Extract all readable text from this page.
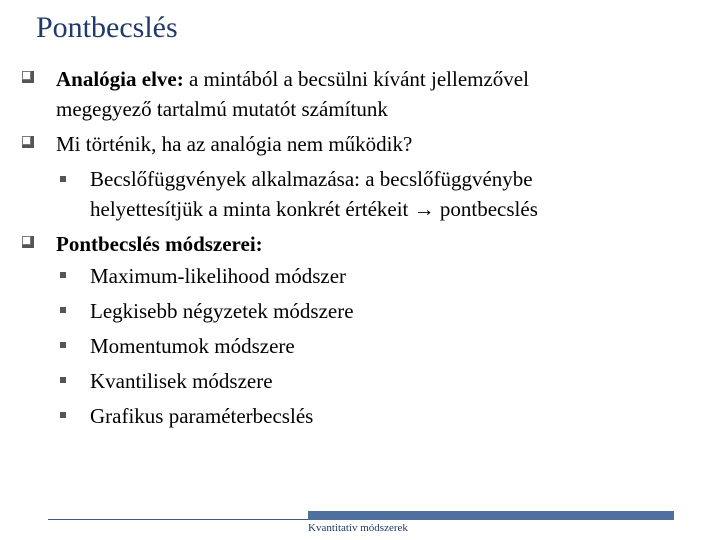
Pontbecslés
Analógia elve: a mintából a becsülni kívánt jellemzővel
megegyező tartalmú mutatót számítunk
Mi történik, ha az analógia nem működik?
Becslőfüggvények alkalmazása: a becslőfüggvénybe
helyettesítjük a minta konkrét értékeit → pontbecslés
Pontbecslés módszerei:
Maximum-likelihood módszer
Legkisebb négyzetek módszere
Momentumok módszere
Kvantilisek módszere
Grafikus paraméterbecslés
Kvantitatív módszerek
